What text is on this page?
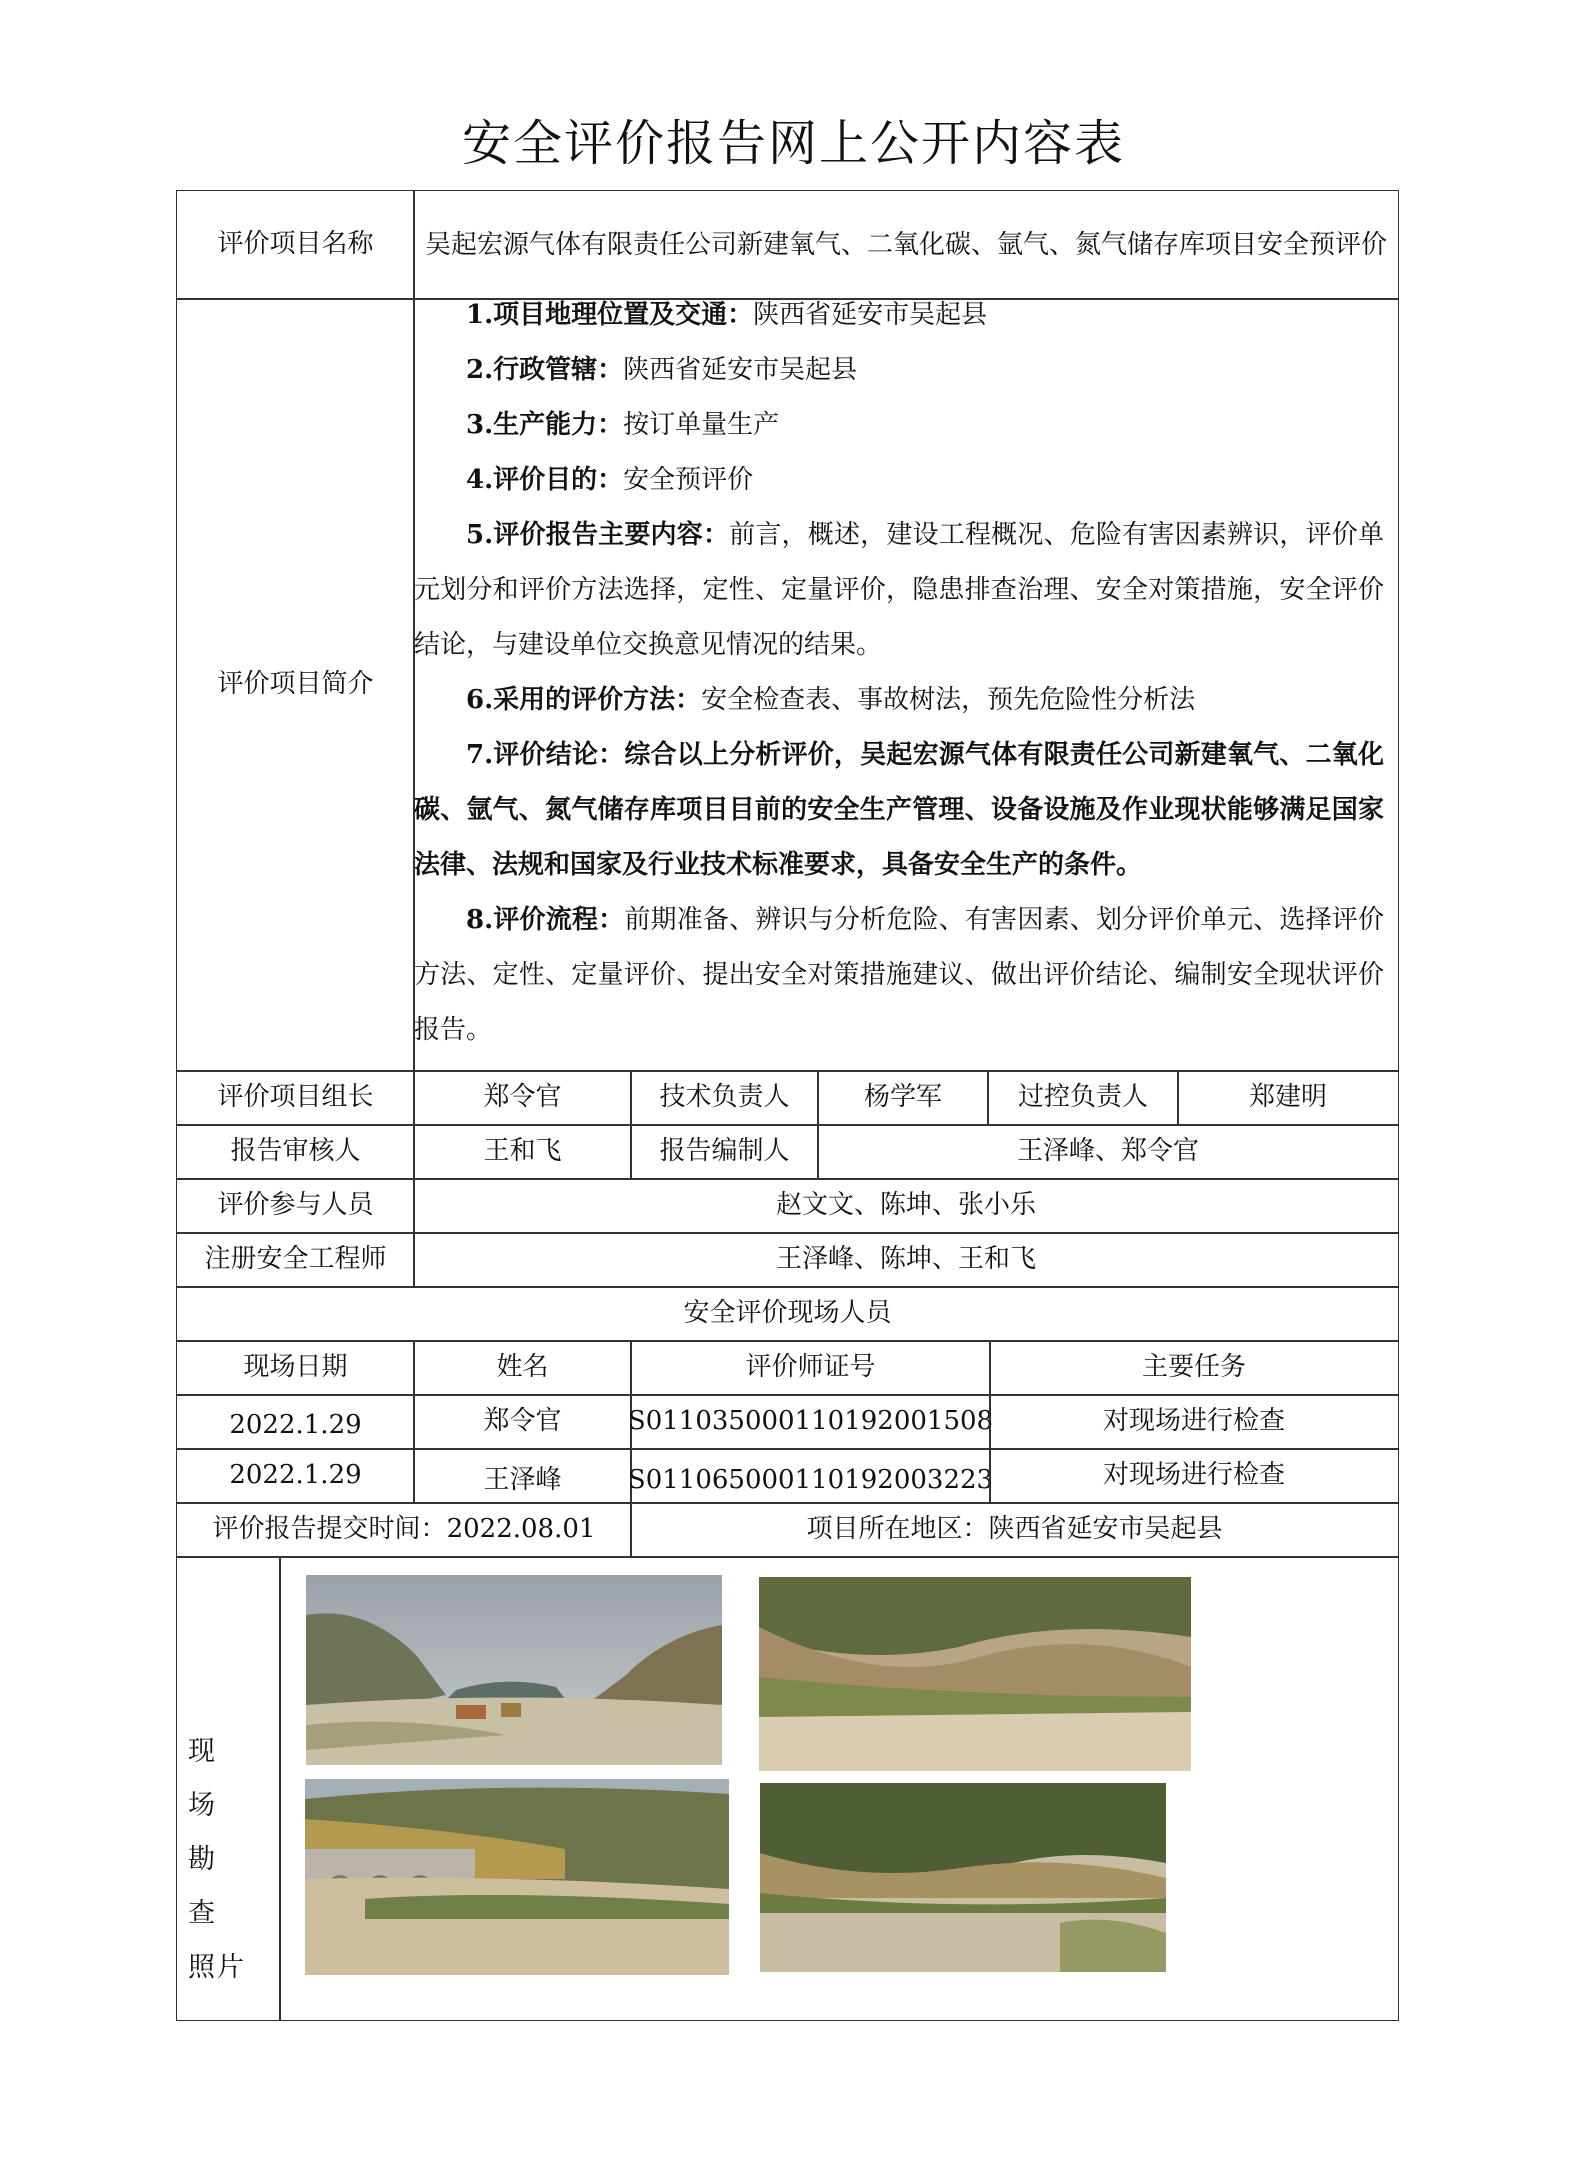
安全评价报告网上公开内容表
评价项目名称 吴起宏源气体有限责任公司新建氧气、二氧化碳、氩气、氮气储存库项目安全预评价
评价项目简介

1.项目地理位置及交通：陕西省延安市吴起县

2.行政管辖：陕西省延安市吴起县

3.生产能力：按订单量生产

4.评价目的：安全预评价

5.评价报告主要内容：前言，概述，建设工程概况、危险有害因素辨识，评价单元划分和评价方法选择，定性、定量评价，隐患排查治理、安全对策措施，安全评价结论，与建设单位交换意见情况的结果。

6.采用的评价方法：安全检查表、事故树法，预先危险性分析法

7.评价结论：综合以上分析评价，吴起宏源气体有限责任公司新建氧气、二氧化碳、氩气、氮气储存库项目目前的安全生产管理、设备设施及作业现状能够满足国家法律、法规和国家及行业技术标准要求，具备安全生产的条件。

8.评价流程：前期准备、辨识与分析危险、有害因素、划分评价单元、选择评价方法、定性、定量评价、提出安全对策措施建议、做出评价结论、编制安全现状评价报告。

评价项目组长	郑令官	技术负责人	杨学军	过控负责人	郑建明
报告审核人	王和飞	报告编制人	王泽峰、郑令官
评价参与人员	赵文文、陈坤、张小乐
注册安全工程师	王泽峰、陈坤、王和飞
安全评价现场人员
现场日期	姓名	评价师证号	主要任务
2022.1.29	郑令官	S011035000110192001508	对现场进行检查
2022.1.29	王泽峰	S011065000110192003223	对现场进行检查
评价报告提交时间： 2022.08.01	项目所在地区： 陕西省延安市吴起县
现 场
勘 查
照片
